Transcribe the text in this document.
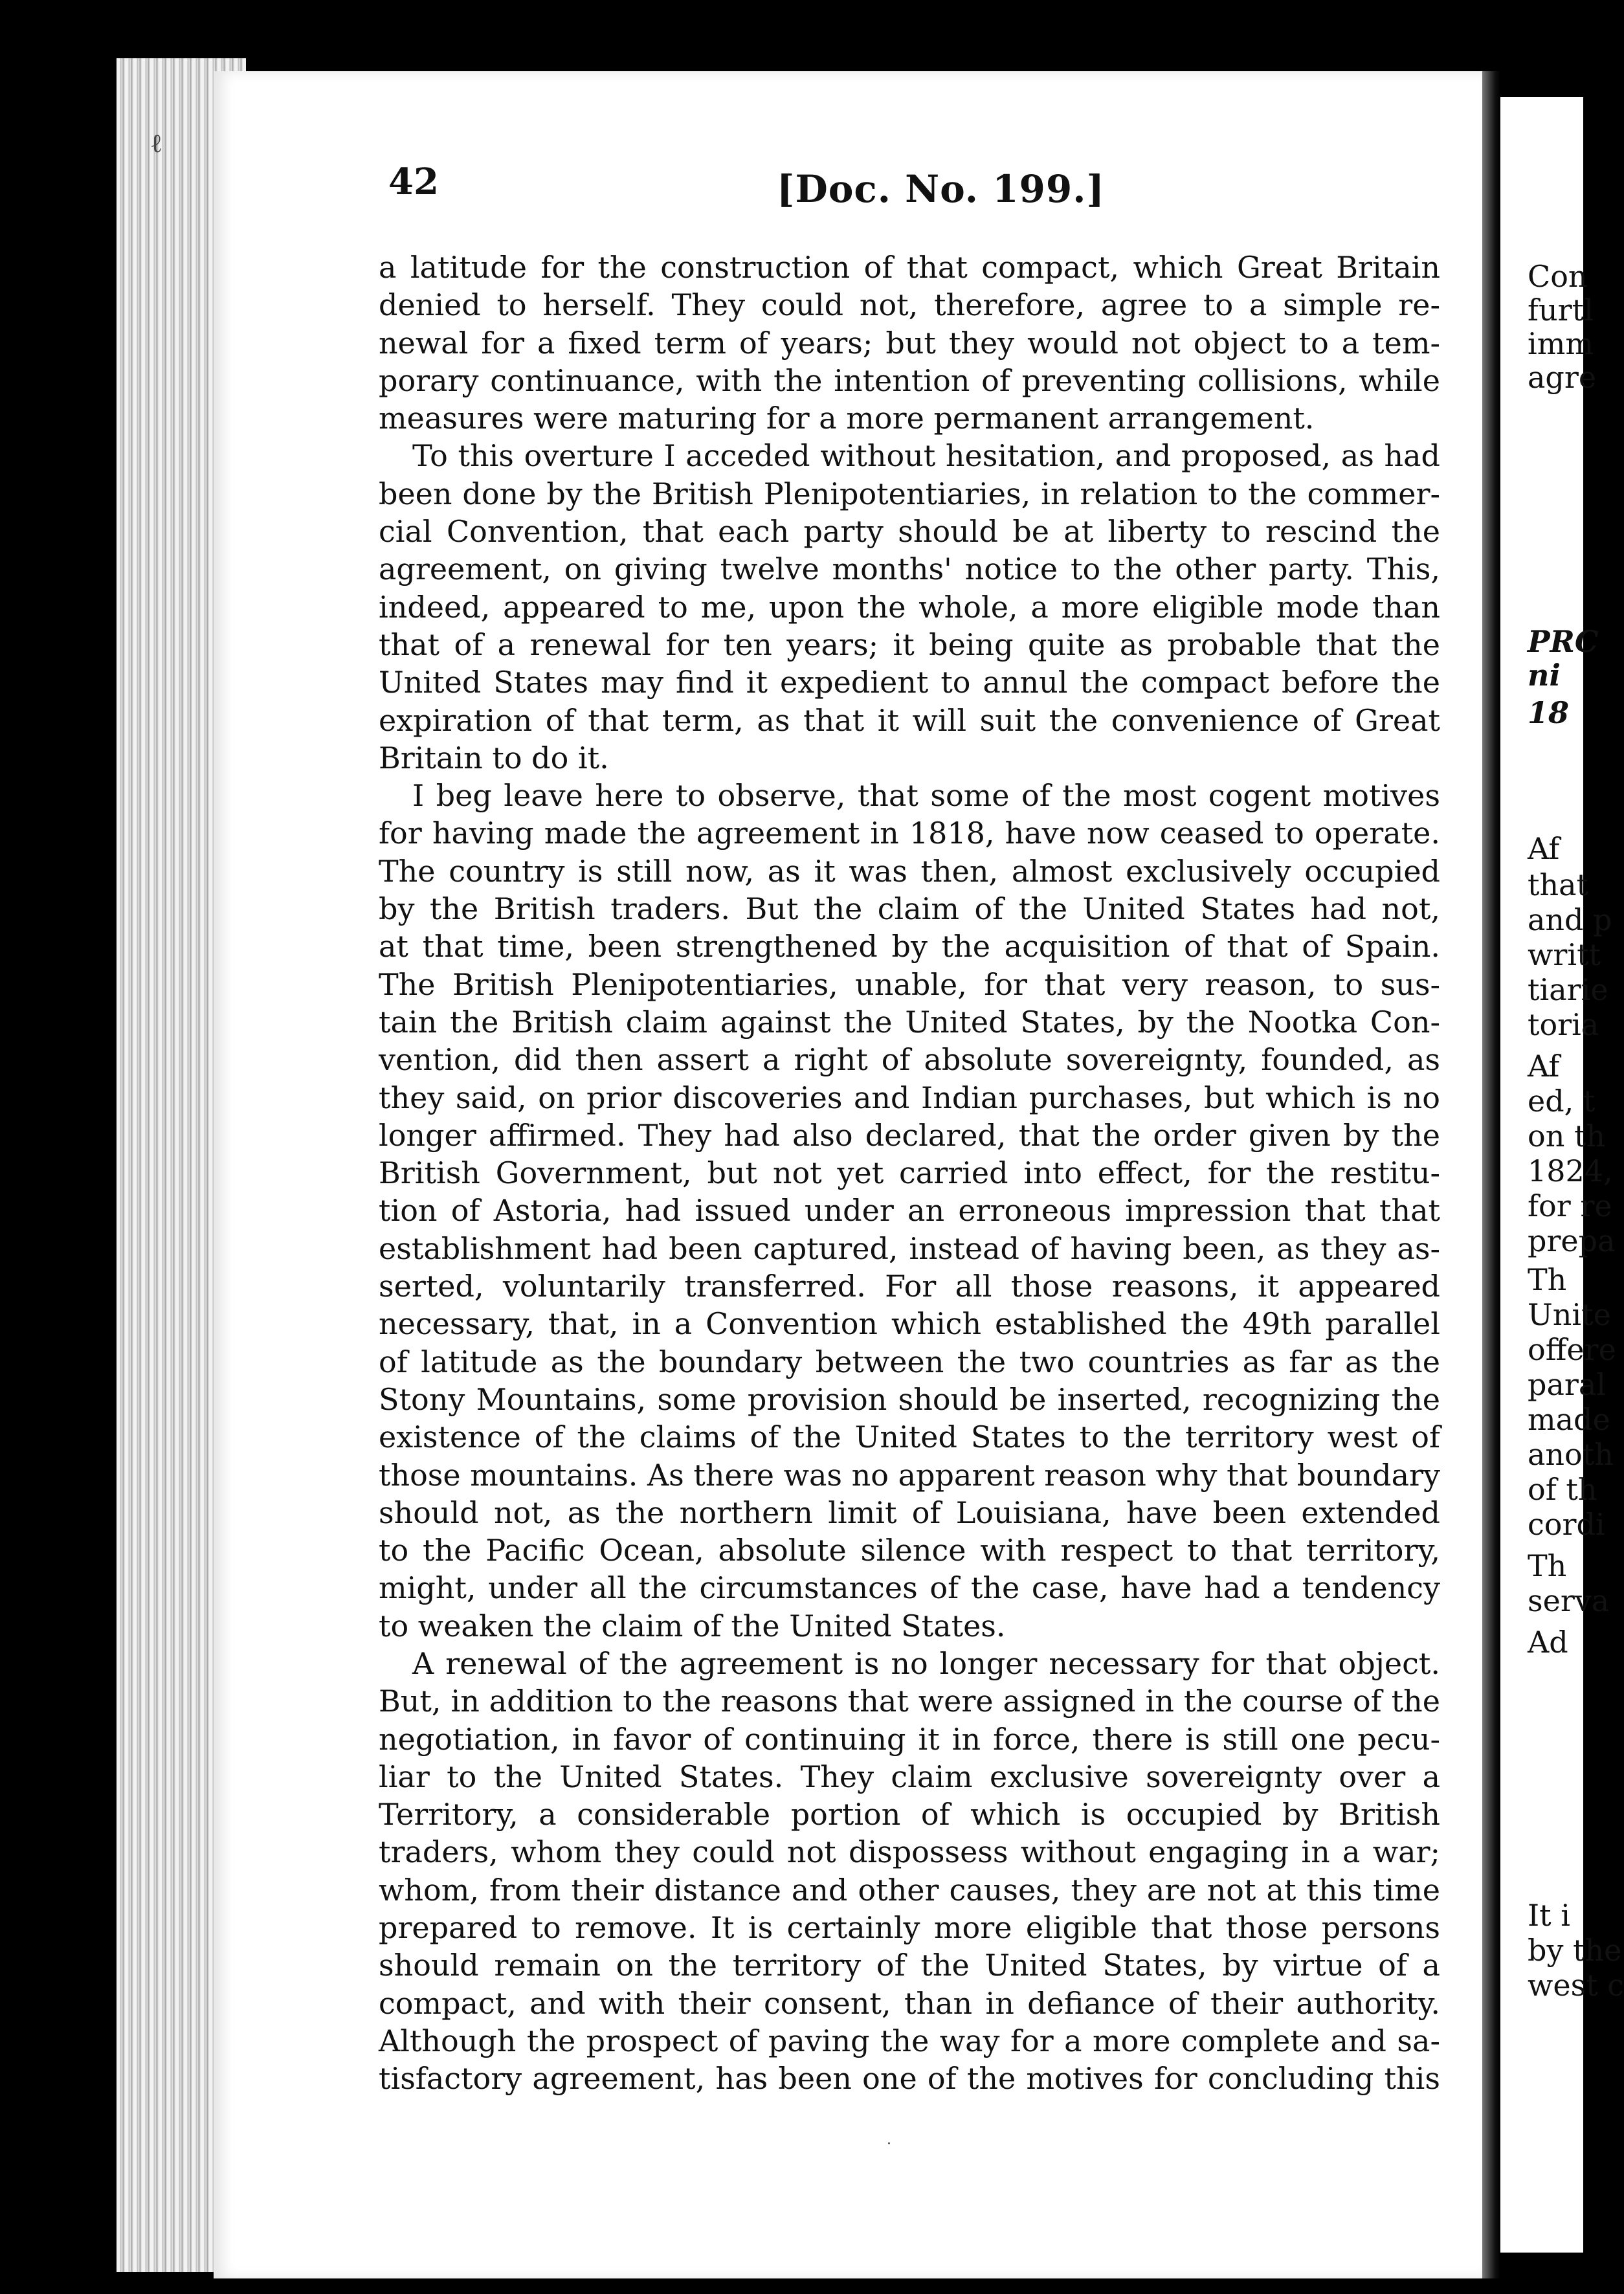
Con
furtl
imm
agre
PRC
ni
18
Af
that
and p
writt
tiarie
toria
Af
ed, t
on th
1824,
for re
prepa
Th
Unite
offere
paral
made
anoth
of th
cordi
Th
serva
Ad
It i
by the
west c
ℓ
·
42	[Doc. No. 199.]
a latitude for the construction of that compact, which Great Britain
denied to herself. They could not, therefore, agree to a simple re-
newal for a fixed term of years; but they would not object to a tem-
porary continuance, with the intention of preventing collisions, while
measures were maturing for a more permanent arrangement.
To this overture I acceded without hesitation, and proposed, as had
been done by the British Plenipotentiaries, in relation to the commer-
cial Convention, that each party should be at liberty to rescind the
agreement, on giving twelve months' notice to the other party. This,
indeed, appeared to me, upon the whole, a more eligible mode than
that of a renewal for ten years; it being quite as probable that the
United States may find it expedient to annul the compact before the
expiration of that term, as that it will suit the convenience of Great
Britain to do it.
I beg leave here to observe, that some of the most cogent motives
for having made the agreement in 1818, have now ceased to operate.
The country is still now, as it was then, almost exclusively occupied
by the British traders. But the claim of the United States had not,
at that time, been strengthened by the acquisition of that of Spain.
The British Plenipotentiaries, unable, for that very reason, to sus-
tain the British claim against the United States, by the Nootka Con-
vention, did then assert a right of absolute sovereignty, founded, as
they said, on prior discoveries and Indian purchases, but which is no
longer affirmed. They had also declared, that the order given by the
British Government, but not yet carried into effect, for the restitu-
tion of Astoria, had issued under an erroneous impression that that
establishment had been captured, instead of having been, as they as-
serted, voluntarily transferred. For all those reasons, it appeared
necessary, that, in a Convention which established the 49th parallel
of latitude as the boundary between the two countries as far as the
Stony Mountains, some provision should be inserted, recognizing the
existence of the claims of the United States to the territory west of
those mountains. As there was no apparent reason why that boundary
should not, as the northern limit of Louisiana, have been extended
to the Pacific Ocean, absolute silence with respect to that territory,
might, under all the circumstances of the case, have had a tendency
to weaken the claim of the United States.
A renewal of the agreement is no longer necessary for that object.
But, in addition to the reasons that were assigned in the course of the
negotiation, in favor of continuing it in force, there is still one pecu-
liar to the United States. They claim exclusive sovereignty over a
Territory, a considerable portion of which is occupied by British
traders, whom they could not dispossess without engaging in a war;
whom, from their distance and other causes, they are not at this time
prepared to remove. It is certainly more eligible that those persons
should remain on the territory of the United States, by virtue of a
compact, and with their consent, than in defiance of their authority.
Although the prospect of paving the way for a more complete and sa-
tisfactory agreement, has been one of the motives for concluding this
